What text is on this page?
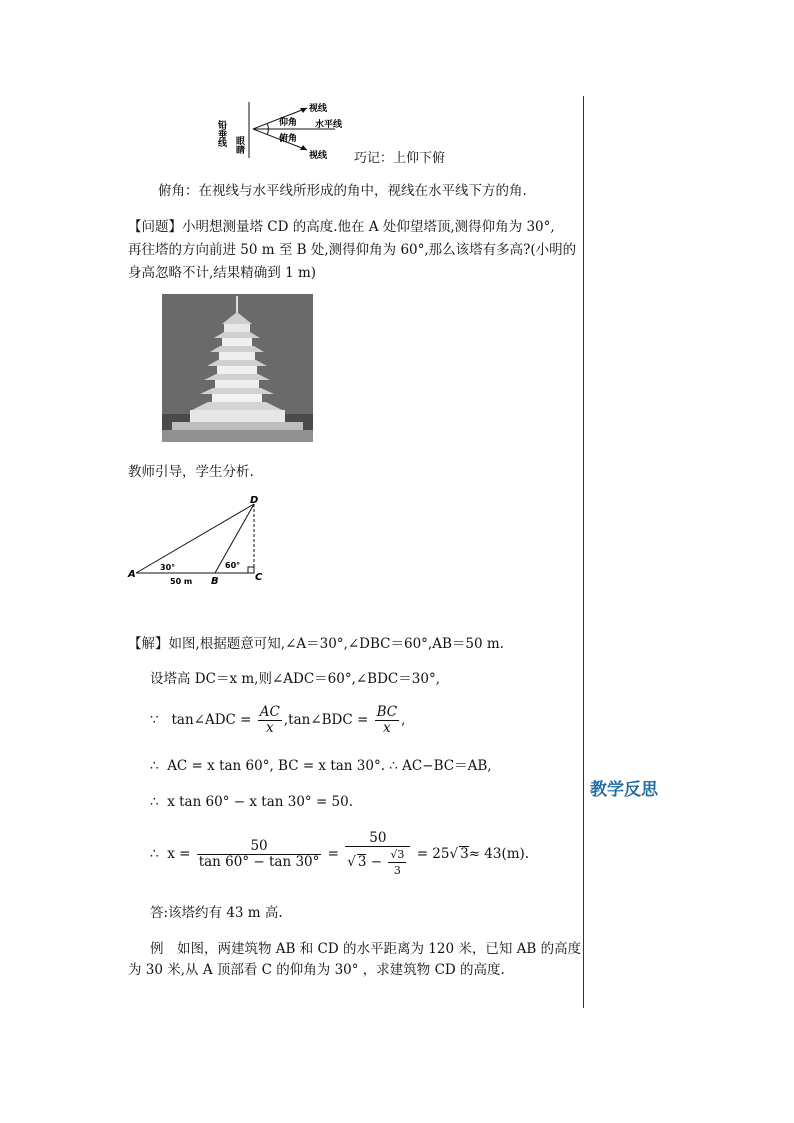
教学反思
铅垂线 眼睛
视线
仰角 水平线
俯角
视线 巧记：上仰下俯
俯角：在视线与水平线所形成的角中，视线在水平线下方的角.
【问题】小明想测量塔 CD 的高度.他在 A 处仰望塔顶,测得仰角为 30°,
再往塔的方向前进 50 m 至 B 处,测得仰角为 60°,那么该塔有多高?(小明的
身高忽略不计,结果精确到 1 m)
教师引导，学生分析.
A
B	C
D
30°	60°
50 m
【解】如图,根据题意可知,∠A＝30°,∠DBC＝60°,AB＝50 m.
设塔高 DC＝x m,则∠ADC＝60°,∠BDC＝30°,
∵ tan∠ADC = $\frac{AC}{x}$ ,tan∠BDC = $\frac{BC}{x}$ ,
∴ AC = x tan 60°, BC = x tan 30°. ∴ AC−BC＝AB,
∴ x tan 60° − x tan 30° = 50.
∴ $x = \frac{50}{\tan 60^\circ - \tan 30^\circ} = \frac{50}{√ 3 - \frac{√3}{3}} = 25√$ 3≈ 43(m).
答:该塔约有 43 m 高.
例　如图，两建筑物 AB 和 CD 的水平距离为 120 米，已知 AB 的高度
为 30 米,从 A 顶部看 C 的仰角为 30° ，求建筑物 CD 的高度.
